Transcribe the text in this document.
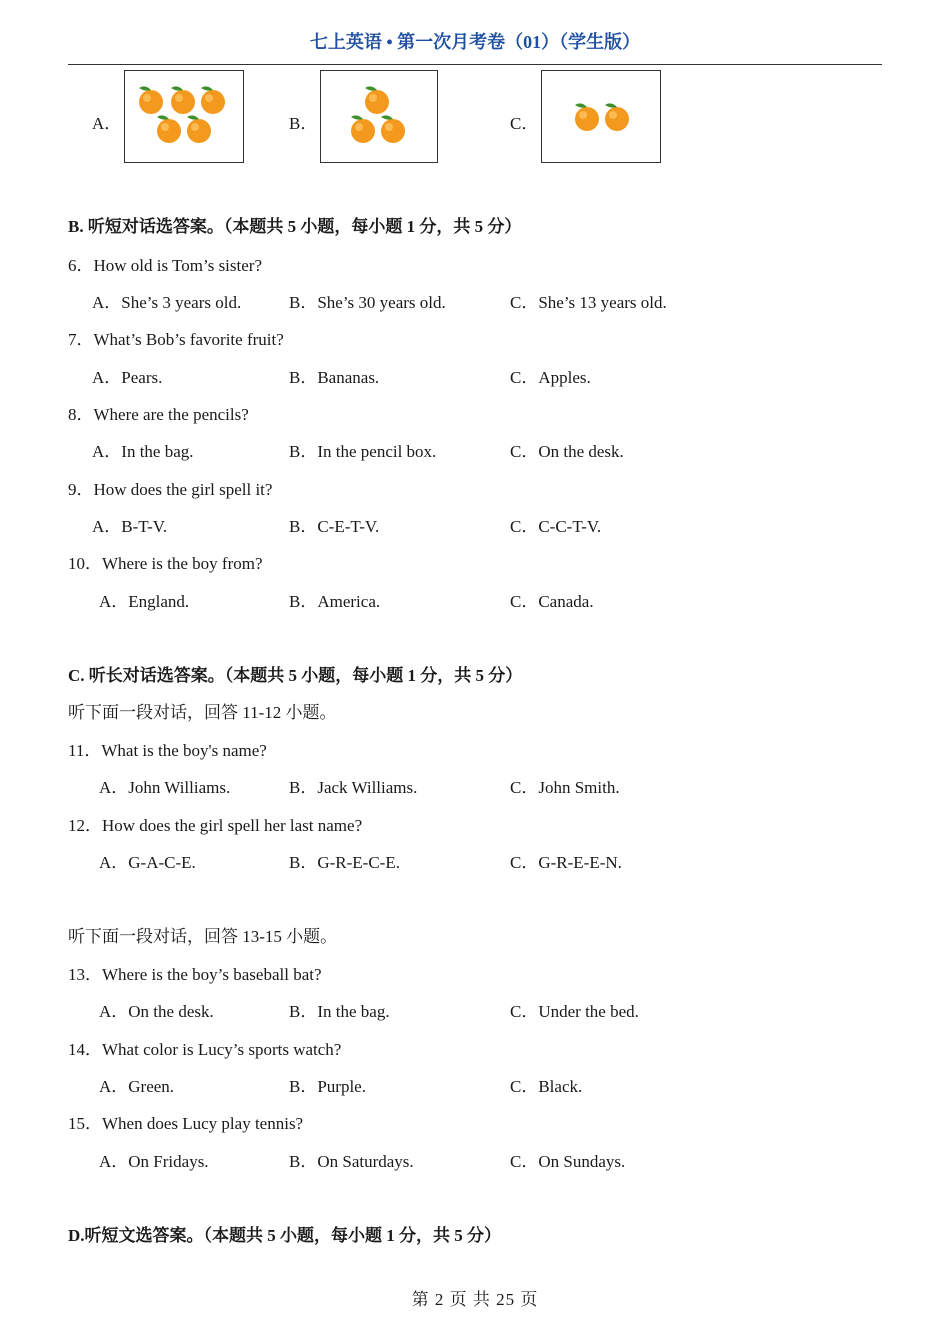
七上英语 • 第一次月考卷（01）（学生版）
A．	B．	C．
B. 听短对话选答案。（本题共 5 小题，每小题 1 分，共 5 分）
6．How old is Tom’s sister?
A．She’s 3 years old.	B．She’s 30 years old.	C．She’s 13 years old.
7．What’s Bob’s favorite fruit?
A．Pears.	B．Bananas.	C．Apples.
8．Where are the pencils?
A．In the bag.	B．In the pencil box.	C．On the desk.
9．How does the girl spell it?
A．B-T-V.	B．C-E-T-V.	C．C-C-T-V.
10．Where is the boy from?
A．England.	B．America.	C．Canada.
C. 听长对话选答案。（本题共 5 小题，每小题 1 分，共 5 分）
听下面一段对话，回答 11-12 小题。
11．What is the boy's name?
A．John Williams.	B．Jack Williams.	C．John Smith.
12．How does the girl spell her last name?
A．G-A-C-E.	B．G-R-E-C-E.	C．G-R-E-E-N.
听下面一段对话，回答 13-15 小题。
13．Where is the boy’s baseball bat?
A．On the desk.	B．In the bag.	C．Under the bed.
14．What color is Lucy’s sports watch?
A．Green.	B．Purple.	C．Black.
15．When does Lucy play tennis?
A．On Fridays.	B．On Saturdays.	C．On Sundays.
D.听短文选答案。（本题共 5 小题，每小题 1 分，共 5 分）
第 2 页 共 25 页
